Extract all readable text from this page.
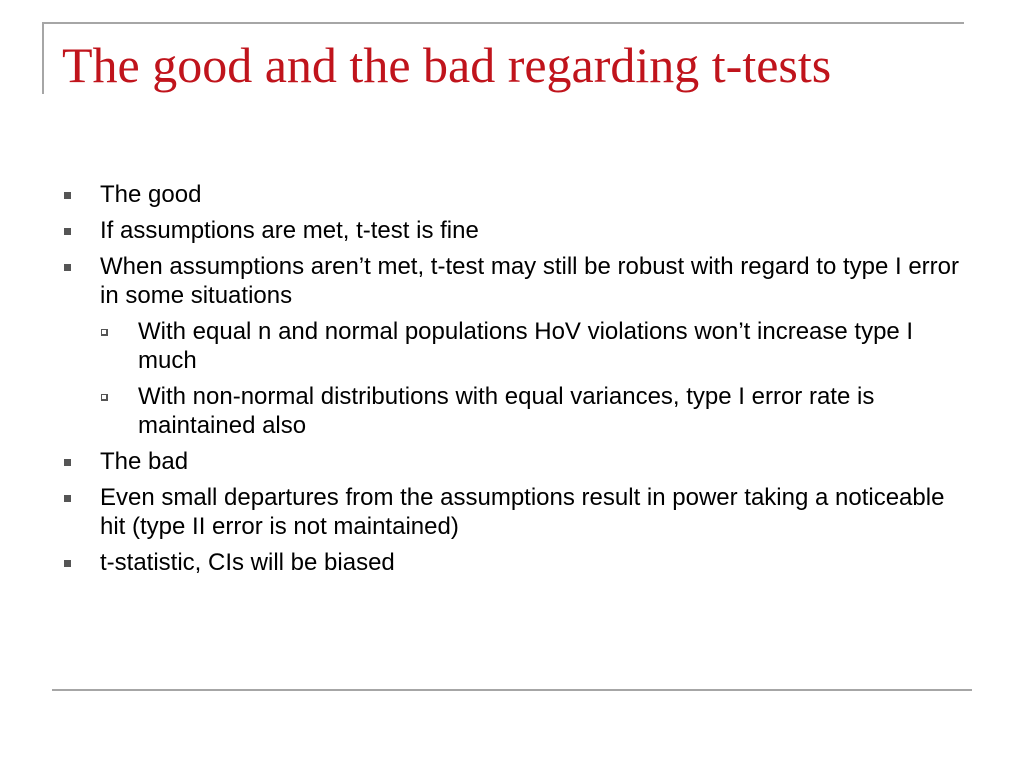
The good and the bad regarding t-tests
The good
If assumptions are met, t-test is fine
When assumptions aren’t met, t-test may still be robust with regard to type I error in some situations
With equal n and normal populations HoV violations won’t increase type I much
With non-normal distributions with equal variances, type I error rate is maintained also
The bad
Even small departures from the assumptions result in power taking a noticeable hit (type II error is not maintained)
t-statistic, CIs will be biased
